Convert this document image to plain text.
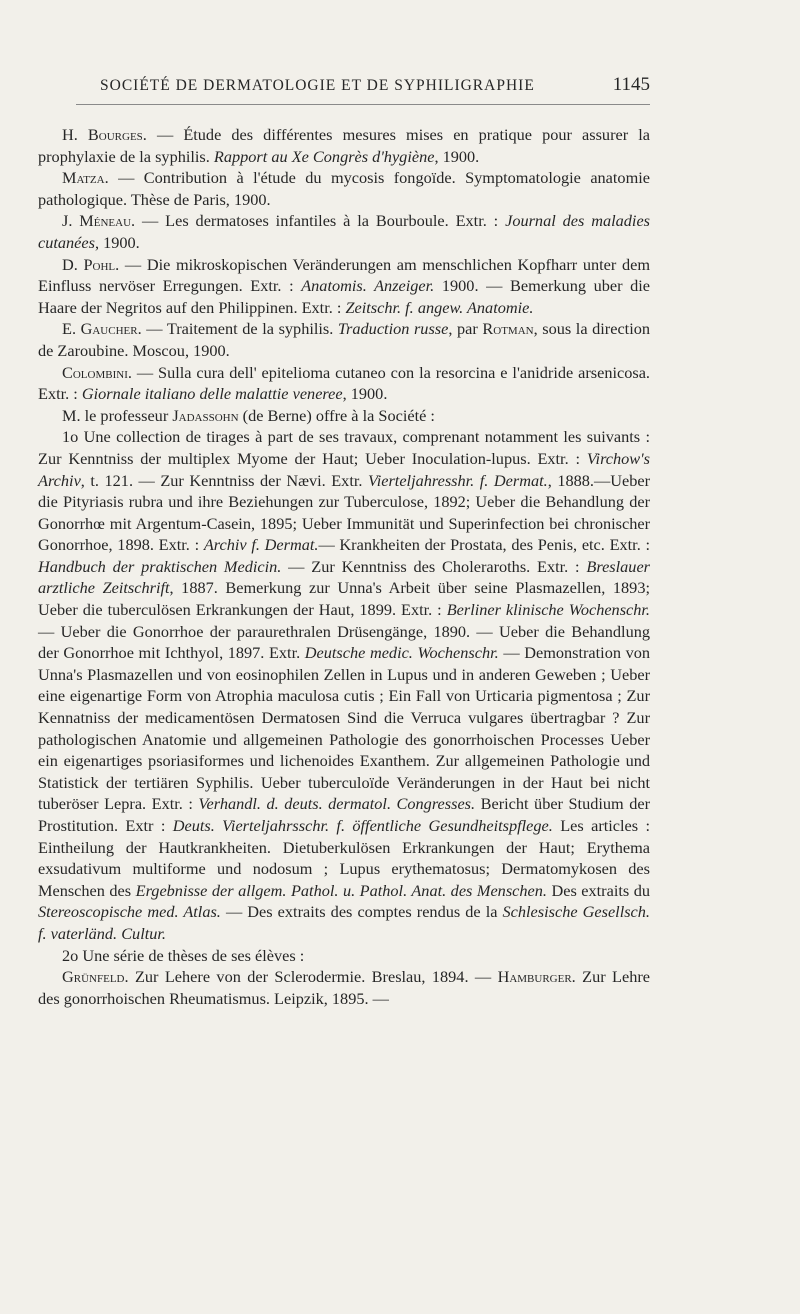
SOCIÉTÉ DE DERMATOLOGIE ET DE SYPHILIGRAPHIE	1145

H. Bourges. — Étude des différentes mesures mises en pratique pour assurer la prophylaxie de la syphilis. Rapport au Xe Congrès d'hygiène, 1900.

Matza. — Contribution à l'étude du mycosis fongoïde. Symptomatologie anatomie pathologique. Thèse de Paris, 1900.

J. Méneau. — Les dermatoses infantiles à la Bourboule. Extr. : Journal des maladies cutanées, 1900.

D. Pohl. — Die mikroskopischen Veränderungen am menschlichen Kopfharr unter dem Einfluss nervöser Erregungen. Extr. : Anatomis. Anzeiger. 1900. — Bemerkung uber die Haare der Negritos auf den Philippinen. Extr. : Zeitschr. f. angew. Anatomie.

E. Gaucher. — Traitement de la syphilis. Traduction russe, par Rotman, sous la direction de Zaroubine. Moscou, 1900.

Colombini. — Sulla cura dell' epitelioma cutaneo con la resorcina e l'anidride arsenicosa. Extr. : Giornale italiano delle malattie veneree, 1900.

M. le professeur Jadassohn (de Berne) offre à la Société :

1o Une collection de tirages à part de ses travaux, comprenant notamment les suivants : Zur Kenntniss der multiplex Myome der Haut; Ueber Inoculation-lupus. Extr. : Virchow's Archiv, t. 121. — Zur Kenntniss der Nævi. Extr. Vierteljahresshr. f. Dermat., 1888.—Ueber die Pityriasis rubra und ihre Beziehungen zur Tuberculose, 1892; Ueber die Behandlung der Gonorrhœ mit Argentum-Casein, 1895; Ueber Immunität und Superinfection bei chronischer Gonorrhoe, 1898. Extr. : Archiv f. Dermat.— Krankheiten der Prostata, des Penis, etc. Extr. : Handbuch der praktischen Medicin. — Zur Kenntniss des Choleraroths. Extr. : Breslauer arztliche Zeitschrift, 1887. Bemerkung zur Unna's Arbeit über seine Plasmazellen, 1893; Ueber die tuberculösen Erkrankungen der Haut, 1899. Extr. : Berliner klinische Wochenschr.— Ueber die Gonorrhoe der paraurethralen Drüsengänge, 1890. — Ueber die Behandlung der Gonorrhoe mit Ichthyol, 1897. Extr. Deutsche medic. Wochenschr. — Demonstration von Unna's Plasmazellen und von eosinophilen Zellen in Lupus und in anderen Geweben ; Ueber eine eigenartige Form von Atrophia maculosa cutis ; Ein Fall von Urticaria pigmentosa ; Zur Kennatniss der medicamentösen Dermatosen Sind die Verruca vulgares übertragbar ? Zur pathologischen Anatomie und allgemeinen Pathologie des gonorrhoischen Processes Ueber ein eigenartiges psoriasiformes und lichenoides Exanthem. Zur allgemeinen Pathologie und Statistick der tertiären Syphilis. Ueber tuberculoïde Veränderungen in der Haut bei nicht tuberöser Lepra. Extr. : Verhandl. d. deuts. dermatol. Congresses. Bericht über Studium der Prostitution. Extr : Deuts. Vierteljahrsschr. f. öffentliche Gesundheitspflege. Les articles : Eintheilung der Hautkrankheiten. Dietuberkulösen Erkrankungen der Haut; Erythema exsudativum multiforme und nodosum ; Lupus erythematosus; Dermatomykosen des Menschen des Ergebnisse der allgem. Pathol. u. Pathol. Anat. des Menschen. Des extraits du Stereoscopische med. Atlas. — Des extraits des comptes rendus de la Schlesische Gesellsch. f. vaterländ. Cultur.

2o Une série de thèses de ses élèves :

Grünfeld. Zur Lehere von der Sclerodermie. Breslau, 1894. — Hamburger. Zur Lehre des gonorrhoischen Rheumatismus. Leipzik, 1895. —
